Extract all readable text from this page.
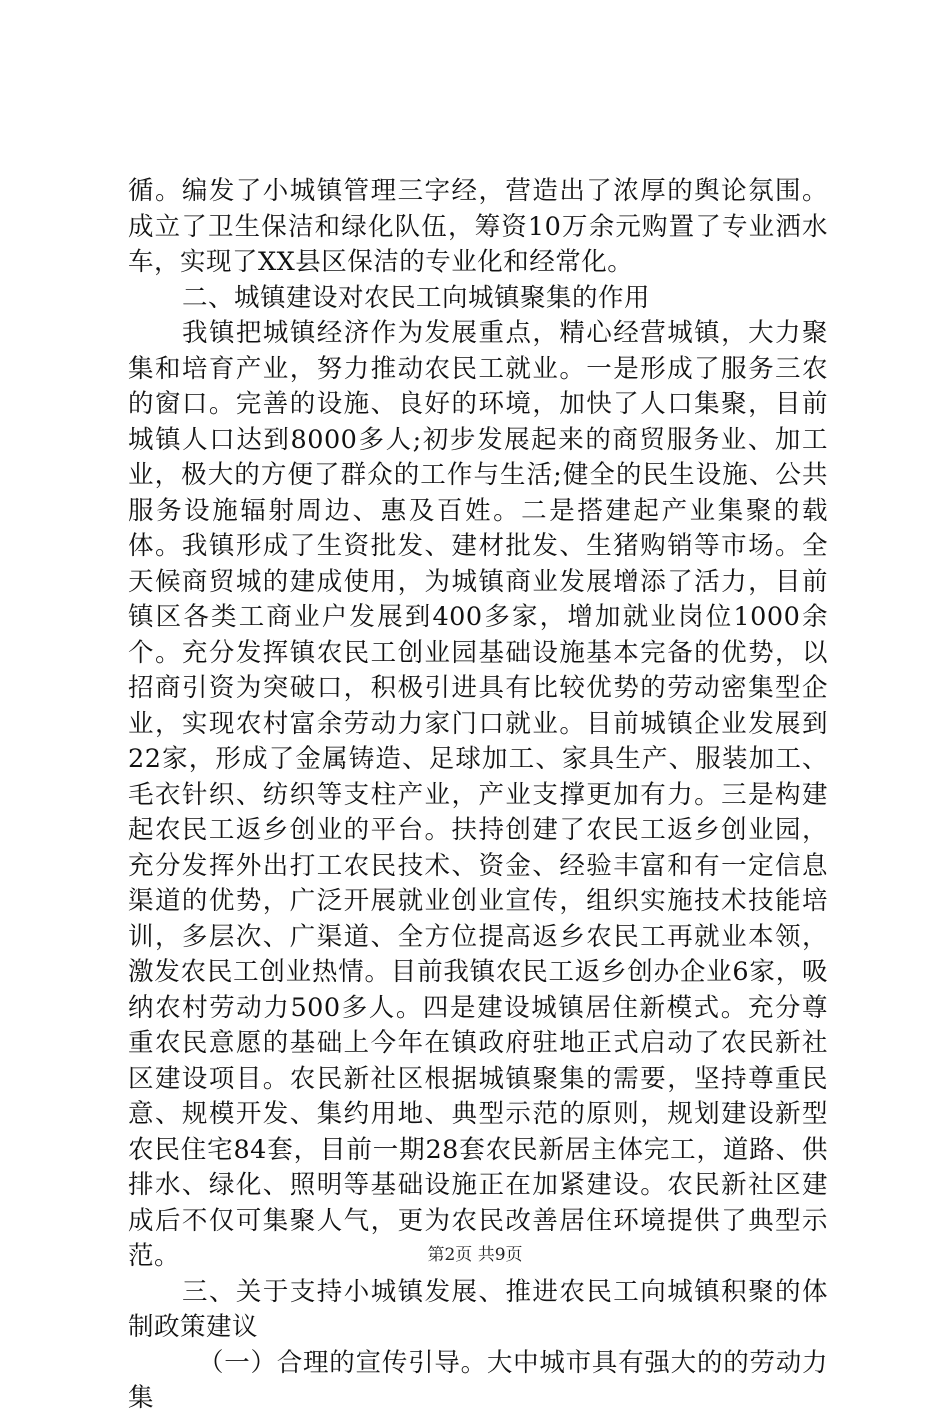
循。编发了小城镇管理三字经，营造出了浓厚的舆论氛围。成立了卫生保洁和绿化队伍，筹资10万余元购置了专业洒水车，实现了XX县区保洁的专业化和经常化。

二、城镇建设对农民工向城镇聚集的作用

我镇把城镇经济作为发展重点，精心经营城镇，大力聚集和培育产业，努力推动农民工就业。一是形成了服务三农的窗口。完善的设施、良好的环境，加快了人口集聚，目前城镇人口达到8000多人;初步发展起来的商贸服务业、加工业，极大的方便了群众的工作与生活;健全的民生设施、公共服务设施辐射周边、惠及百姓。二是搭建起产业集聚的载体。我镇形成了生资批发、建材批发、生猪购销等市场。全天候商贸城的建成使用，为城镇商业发展增添了活力，目前镇区各类工商业户发展到400多家，增加就业岗位1000余个。充分发挥镇农民工创业园基础设施基本完备的优势，以招商引资为突破口，积极引进具有比较优势的劳动密集型企业，实现农村富余劳动力家门口就业。目前城镇企业发展到22家，形成了金属铸造、足球加工、家具生产、服装加工、毛衣针织、纺织等支柱产业，产业支撑更加有力。三是构建起农民工返乡创业的平台。扶持创建了农民工返乡创业园，充分发挥外出打工农民技术、资金、经验丰富和有一定信息渠道的优势，广泛开展就业创业宣传，组织实施技术技能培训，多层次、广渠道、全方位提高返乡农民工再就业本领，激发农民工创业热情。目前我镇农民工返乡创办企业6家，吸纳农村劳动力500多人。四是建设城镇居住新模式。充分尊重农民意愿的基础上今年在镇政府驻地正式启动了农民新社区建设项目。农民新社区根据城镇聚集的需要，坚持尊重民意、规模开发、集约用地、典型示范的原则，规划建设新型农民住宅84套，目前一期28套农民新居主体完工，道路、供排水、绿化、照明等基础设施正在加紧建设。农民新社区建成后不仅可集聚人气，更为农民改善居住环境提供了典型示范。

三、关于支持小城镇发展、推进农民工向城镇积聚的体制政策建议

（一）合理的宣传引导。大中城市具有强大的的劳动力集

第2页 共9页
